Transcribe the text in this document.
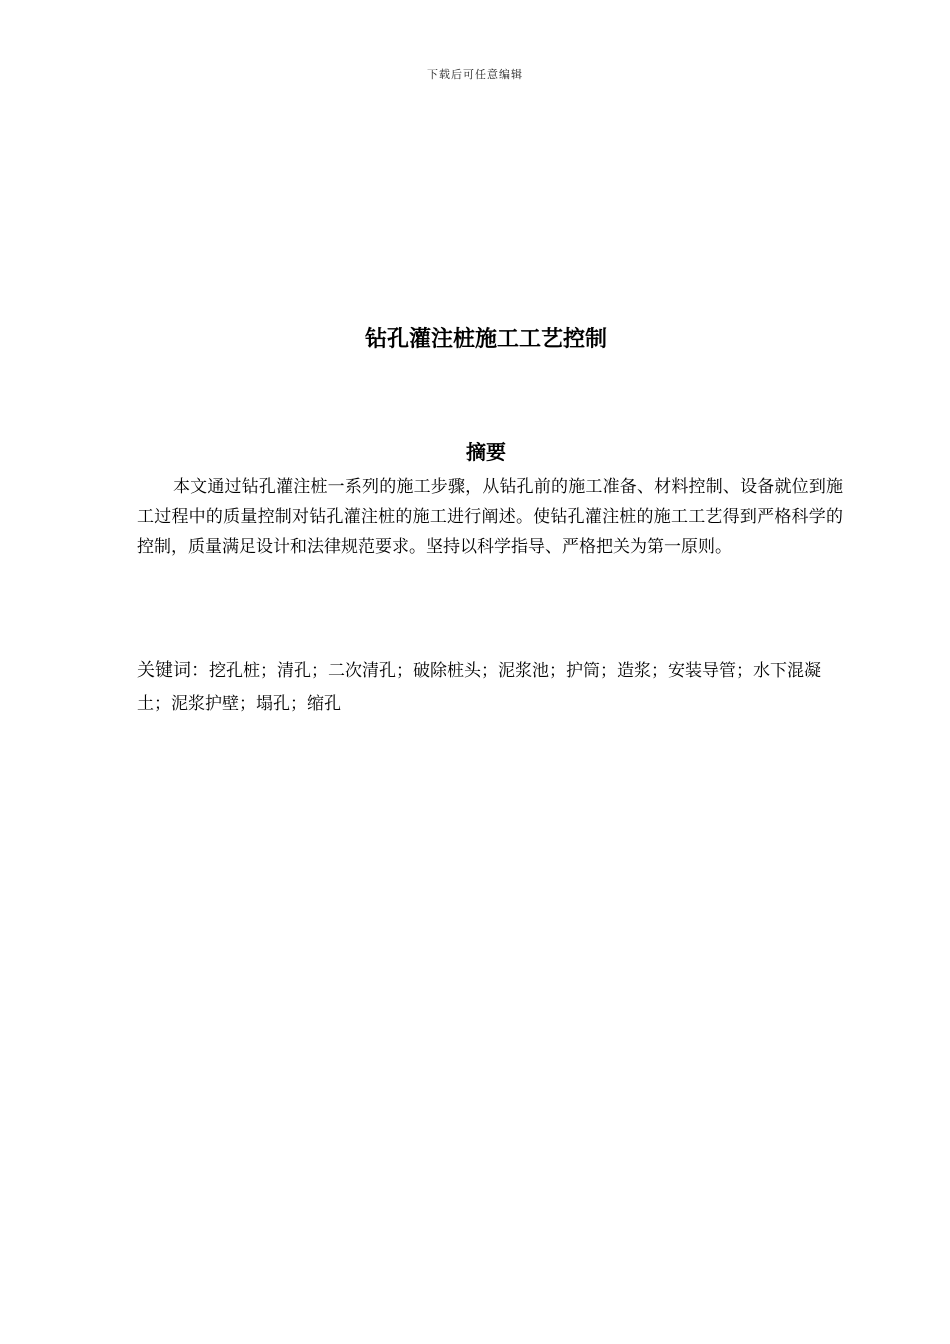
下载后可任意编辑
钻孔灌注桩施工工艺控制
摘要

本文通过钻孔灌注桩一系列的施工步骤，从钻孔前的施工准备、材料控制、设备就位到施工过程中的质量控制对钻孔灌注桩的施工进行阐述。使钻孔灌注桩的施工工艺得到严格科学的控制，质量满足设计和法律规范要求。坚持以科学指导、严格把关为第一原则。

关键词：挖孔桩；清孔；二次清孔；破除桩头；泥浆池；护筒；造浆；安装导管；水下混凝土；泥浆护壁；塌孔；缩孔
